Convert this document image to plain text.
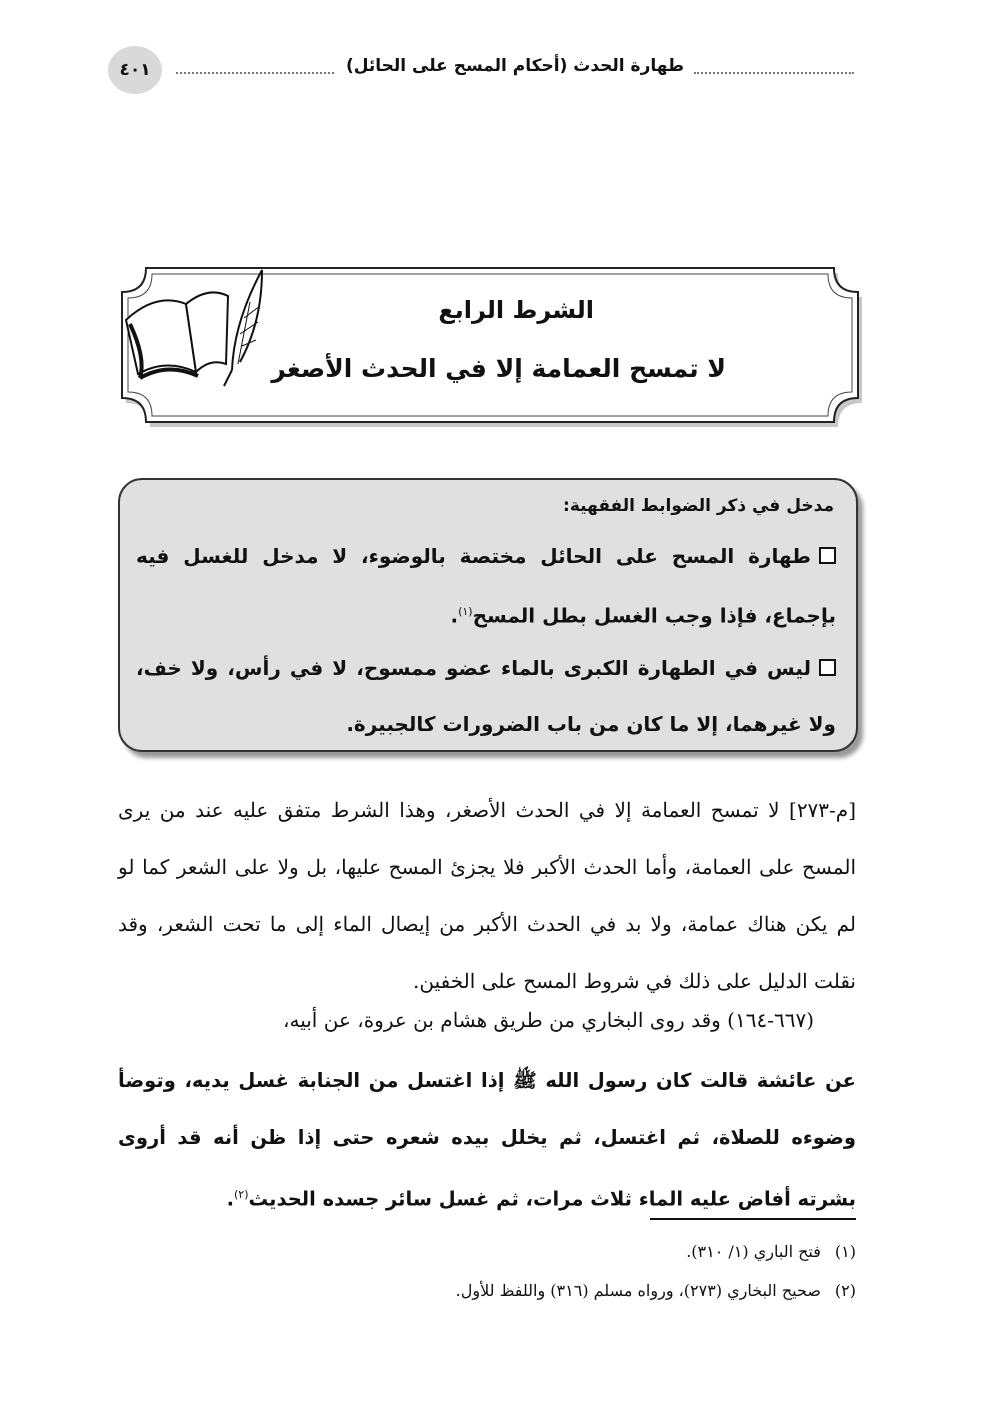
٤٠١	طهارة الحدث (أحكام المسح على الحائل)
الشرط الرابع
لا تمسح العمامة إلا في الحدث الأصغر
مدخل في ذكر الضوابط الفقهية:
طهارة المسح على الحائل مختصة بالوضوء، لا مدخل للغسل فيه بإجماع، فإذا وجب الغسل بطل المسح$^{(١)}$.
ليس في الطهارة الكبرى بالماء عضو ممسوح، لا في رأس، ولا خف، ولا غيرهما، إلا ما كان من باب الضرورات كالجبيرة.
[م-٢٧٣] لا تمسح العمامة إلا في الحدث الأصغر، وهذا الشرط متفق عليه عند من يرى المسح على العمامة، وأما الحدث الأكبر فلا يجزئ المسح عليها، بل ولا على الشعر كما لو لم يكن هناك عمامة، ولا بد في الحدث الأكبر من إيصال الماء إلى ما تحت الشعر، وقد نقلت الدليل على ذلك في شروط المسح على الخفين.
(٦٦٧-١٦٤) وقد روى البخاري من طريق هشام بن عروة، عن أبيه،
عن عائشة قالت كان رسول الله ﷺ إذا اغتسل من الجنابة غسل يديه، وتوضأ وضوءه للصلاة، ثم اغتسل، ثم يخلل بيده شعره حتى إذا ظن أنه قد أروى بشرته أفاض عليه الماء ثلاث مرات، ثم غسل سائر جسده الحديث$^{(٢)}$.
(١)فتح الباري (١/ ٣١٠).
(٢)صحيح البخاري (٢٧٣)، ورواه مسلم (٣١٦) واللفظ للأول.
